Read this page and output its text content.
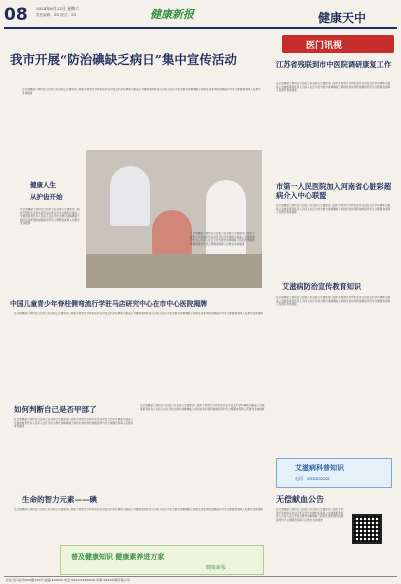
08 2024年6月22日 星期六
责任编辑：XX 版式：XX	健康新报	健康天中
我市开展“防治碘缺乏病日”集中宣传活动
在全国碘缺乏病防治日到来之际各地卫生健康部门组织开展形式多样的宣传活动普及科学补碘知识提高公众健康素养医务人员深入社区学校为群众讲解碘缺乏病的危害和预防措施倡导科学合理膳食保障人民群众身体健康
健康人生
从护齿开始
在全国碘缺乏病防治日到来之际各地卫生健康部门组织开展形式多样的宣传活动普及科学补碘知识提高公众健康素养医务人员深入社区学校为群众讲解碘缺乏病的危害和预防措施倡导科学合理膳食保障人民群众身体健康
在全国碘缺乏病防治日到来之际各地卫生健康部门组织开展形式多样的宣传活动普及科学补碘知识提高公众健康素养医务人员深入社区学校为群众讲解碘缺乏病的危害和预防措施倡导科学合理膳食保障人民群众身体健康
中国儿童青少年脊柱侧弯流行学驻马店研究中心在市中心医院揭牌
在全国碘缺乏病防治日到来之际各地卫生健康部门组织开展形式多样的宣传活动普及科学补碘知识提高公众健康素养医务人员深入社区学校为群众讲解碘缺乏病的危害和预防措施倡导科学合理膳食保障人民群众身体健康
如何判断自己是否甲部了
在全国碘缺乏病防治日到来之际各地卫生健康部门组织开展形式多样的宣传活动普及科学补碘知识提高公众健康素养医务人员深入社区学校为群众讲解碘缺乏病的危害和预防措施倡导科学合理膳食保障人民群众身体健康
在全国碘缺乏病防治日到来之际各地卫生健康部门组织开展形式多样的宣传活动普及科学补碘知识提高公众健康素养医务人员深入社区学校为群众讲解碘缺乏病的危害和预防措施倡导科学合理膳食保障人民群众身体健康
生命的智力元素——碘
在全国碘缺乏病防治日到来之际各地卫生健康部门组织开展形式多样的宣传活动普及科学补碘知识提高公众健康素养医务人员深入社区学校为群众讲解碘缺乏病的危害和预防措施倡导科学合理膳食保障人民群众身体健康
普及健康知识 健康素养进万家
健康新报
医门讯视
江苏省残联到市中医院调研康复工作
在全国碘缺乏病防治日到来之际各地卫生健康部门组织开展形式多样的宣传活动普及科学补碘知识提高公众健康素养医务人员深入社区学校为群众讲解碘缺乏病的危害和预防措施倡导科学合理膳食保障人民群众身体健康
市第一人民医院加入河南省心脏彩超病介入中心联盟
在全国碘缺乏病防治日到来之际各地卫生健康部门组织开展形式多样的宣传活动普及科学补碘知识提高公众健康素养医务人员深入社区学校为群众讲解碘缺乏病的危害和预防措施倡导科学合理膳食保障人民群众身体健康
艾滋病防治宣传教育知识
在全国碘缺乏病防治日到来之际各地卫生健康部门组织开展形式多样的宣传活动普及科学补碘知识提高公众健康素养医务人员深入社区学校为群众讲解碘缺乏病的危害和预防措施倡导科学合理膳食保障人民群众身体健康
艾滋病科普知识
电话：XXXXXXXX
无偿献血公告
在全国碘缺乏病防治日到来之际各地卫生健康部门组织开展形式多样的宣传活动普及科学补碘知识提高公众健康素养医务人员深入社区学校为群众讲解碘缺乏病的危害和预防措施倡导科学合理膳食保障人民群众身体健康
社址 驻马店市XXX路XXX号 邮编 463000 电话 XXXX-XXXXXXX 印刷 XXXX印刷有限公司
